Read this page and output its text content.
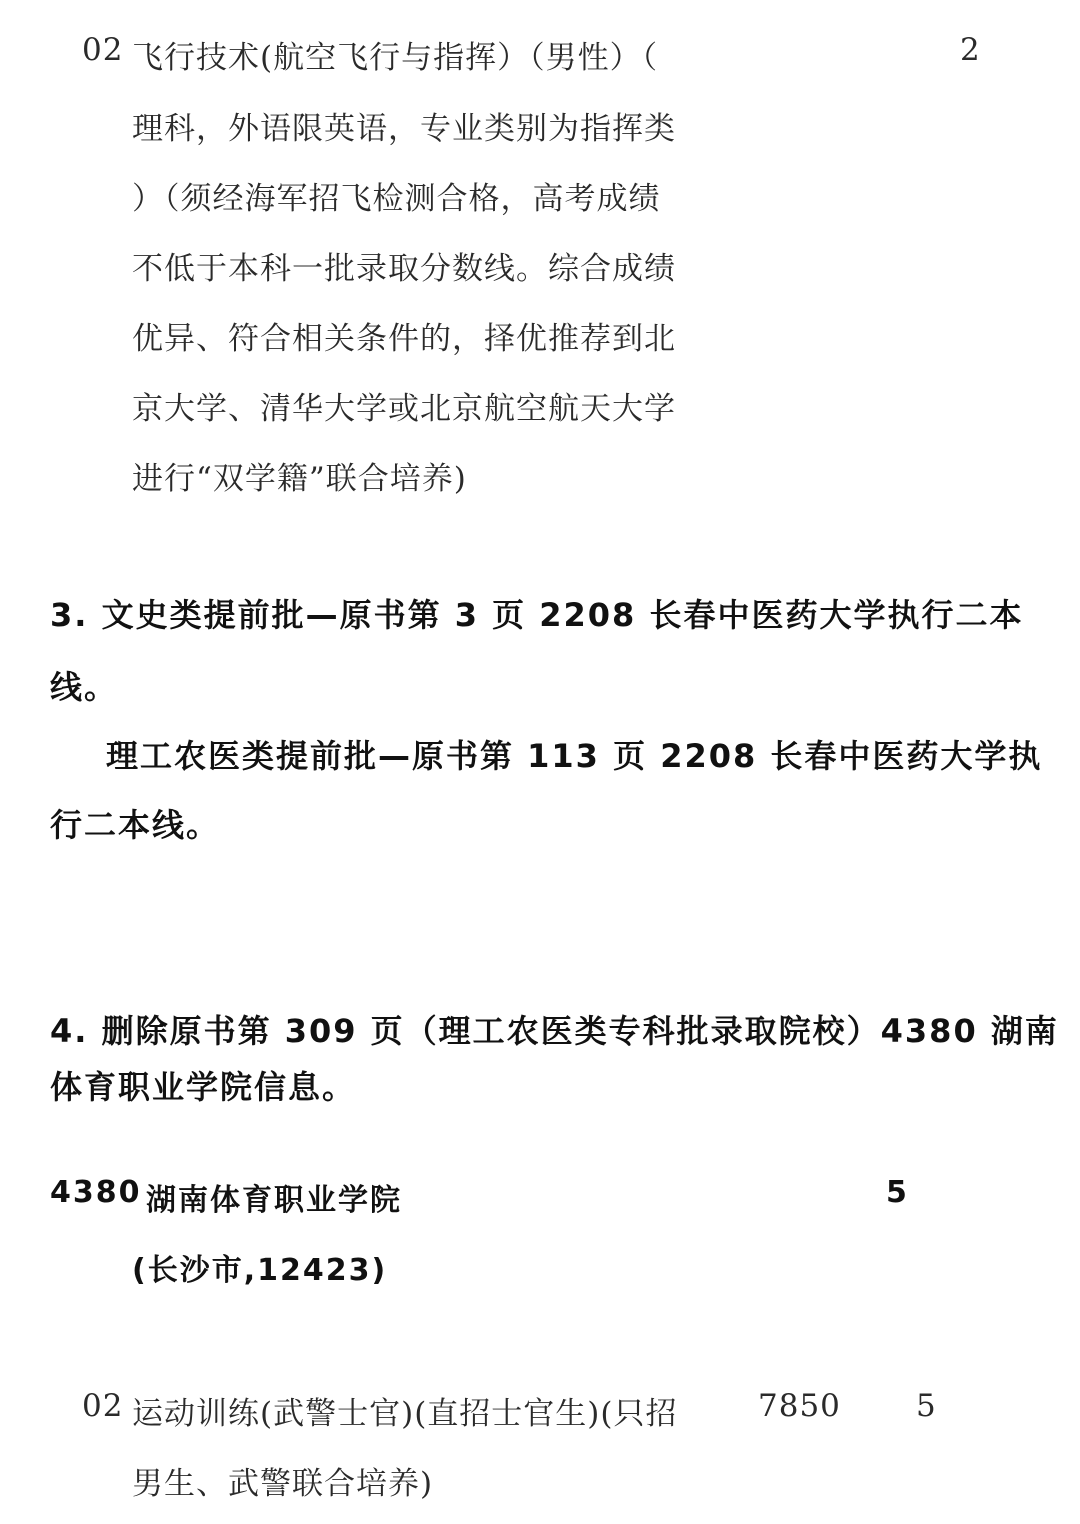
02 飞行技术(航空飞行与指挥）（男性）（	2
理科，外语限英语，专业类别为指挥类
）（须经海军招飞检测合格，高考成绩
不低于本科一批录取分数线。综合成绩
优异、符合相关条件的，择优推荐到北
京大学、清华大学或北京航空航天大学
进行“双学籍”联合培养)
3. 文史类提前批—原书第 3 页 2208 长春中医药大学执行二本
线。
理工农医类提前批—原书第 113 页 2208 长春中医药大学执
行二本线。
4. 删除原书第 309 页（理工农医类专科批录取院校）4380 湖南
体育职业学院信息。
4380 湖南体育职业学院	5
(长沙市,12423)
02 运动训练(武警士官)(直招士官生)(只招	7850 5
男生、武警联合培养)
